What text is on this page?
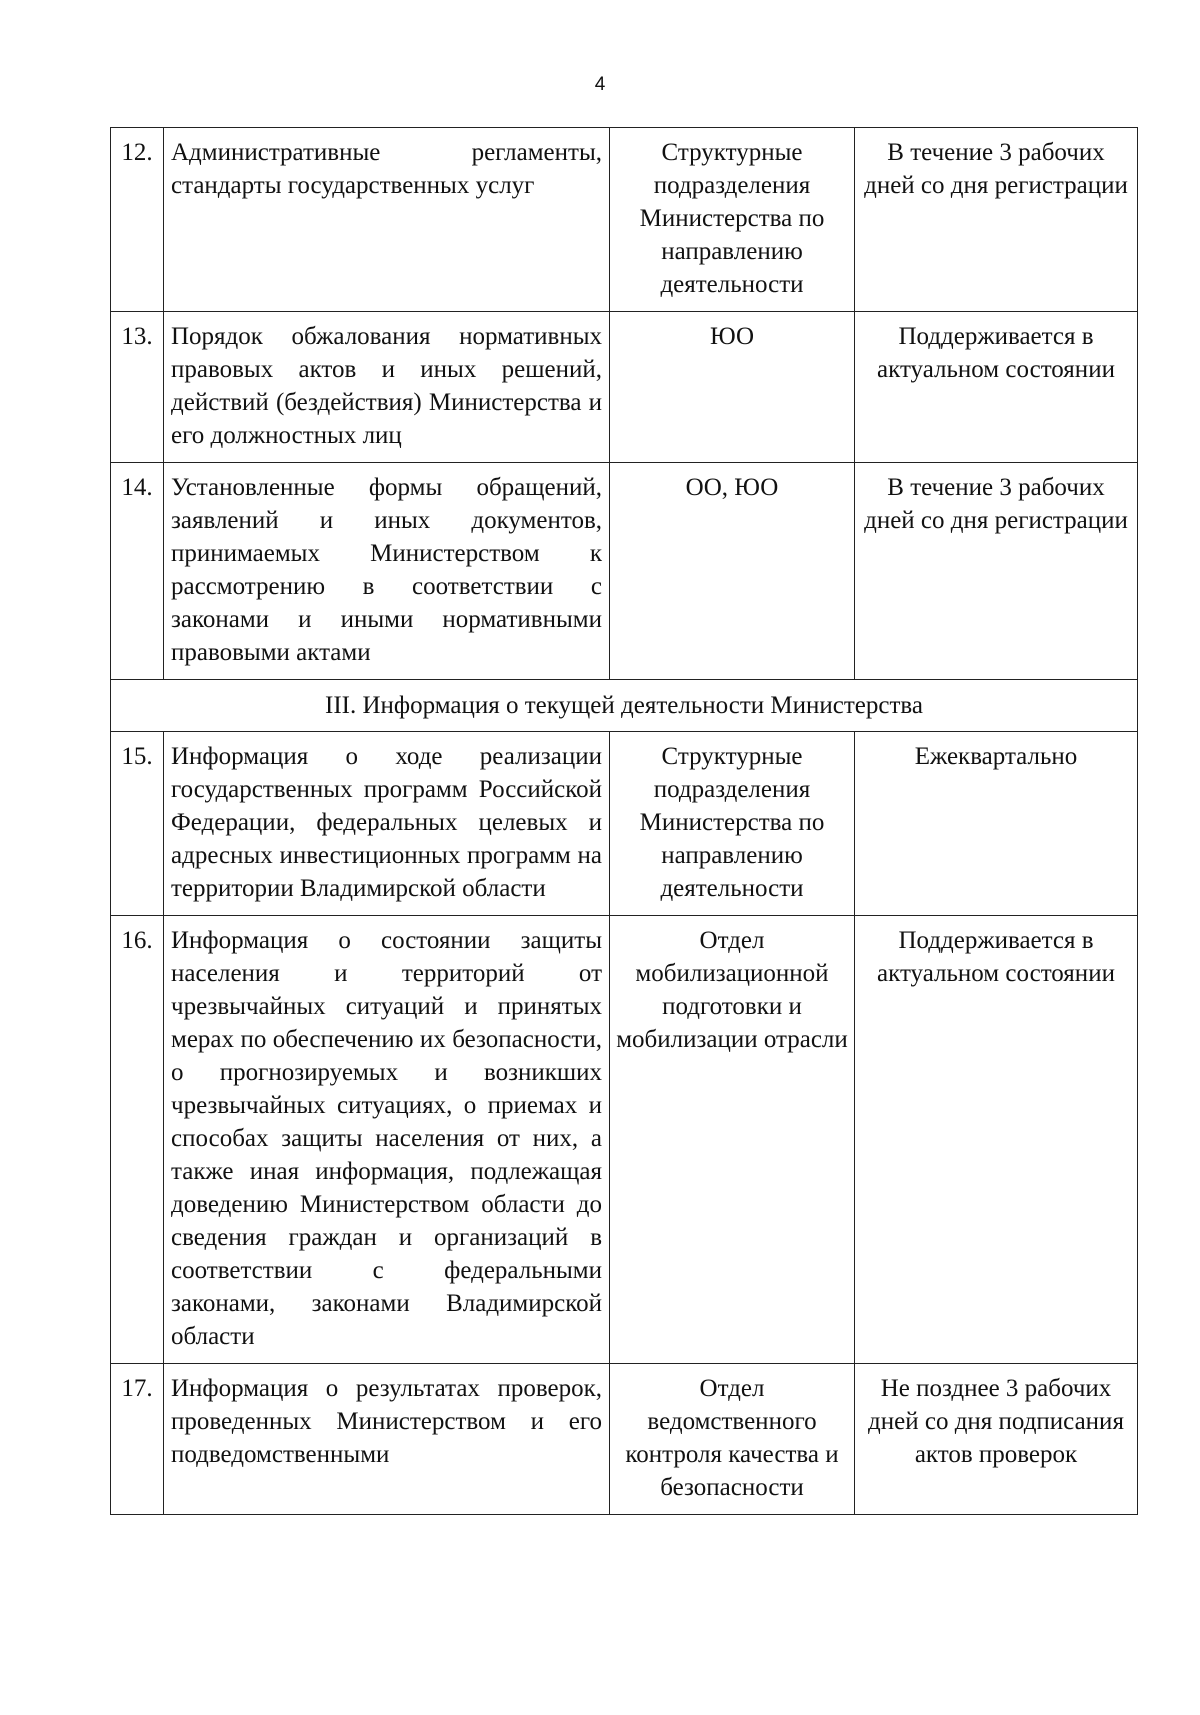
4
12.	Административные регламенты, стандарты государственных услуг	Структурные подразделения Министерства по направлению деятельности	В течение 3 рабочих дней со дня регистрации
13.	Порядок обжалования нормативных правовых актов и иных решений, действий (бездействия) Министерства и его должностных лиц	ЮО	Поддерживается в актуальном состоянии
14.	Установленные формы обращений, заявлений и иных документов, принимаемых Министерством к рассмотрению в соответствии с законами и иными нормативными правовыми актами	ОО, ЮО	В течение 3 рабочих дней со дня регистрации
III. Информация о текущей деятельности Министерства			
15.	Информация о ходе реализации государственных программ Российской Федерации, федеральных целевых и адресных инвестиционных программ на территории Владимирской области	Структурные подразделения Министерства по направлению деятельности	Ежеквартально
16.	Информация о состоянии защиты населения и территорий от чрезвычайных ситуаций и принятых мерах по обеспечению их безопасности, о прогнозируемых и возникших чрезвычайных ситуациях, о приемах и способах защиты населения от них, а также иная информация, подлежащая доведению Министерством области до сведения граждан и организаций в соответствии с федеральными законами, законами Владимирской области	Отдел мобилизационной подготовки и мобилизации отрасли	Поддерживается в актуальном состоянии
17.	Информация о результатах проверок, проведенных Министерством и его подведомственными	Отдел ведомственного контроля качества и безопасности	Не позднее 3 рабочих дней со дня подписания актов проверок
